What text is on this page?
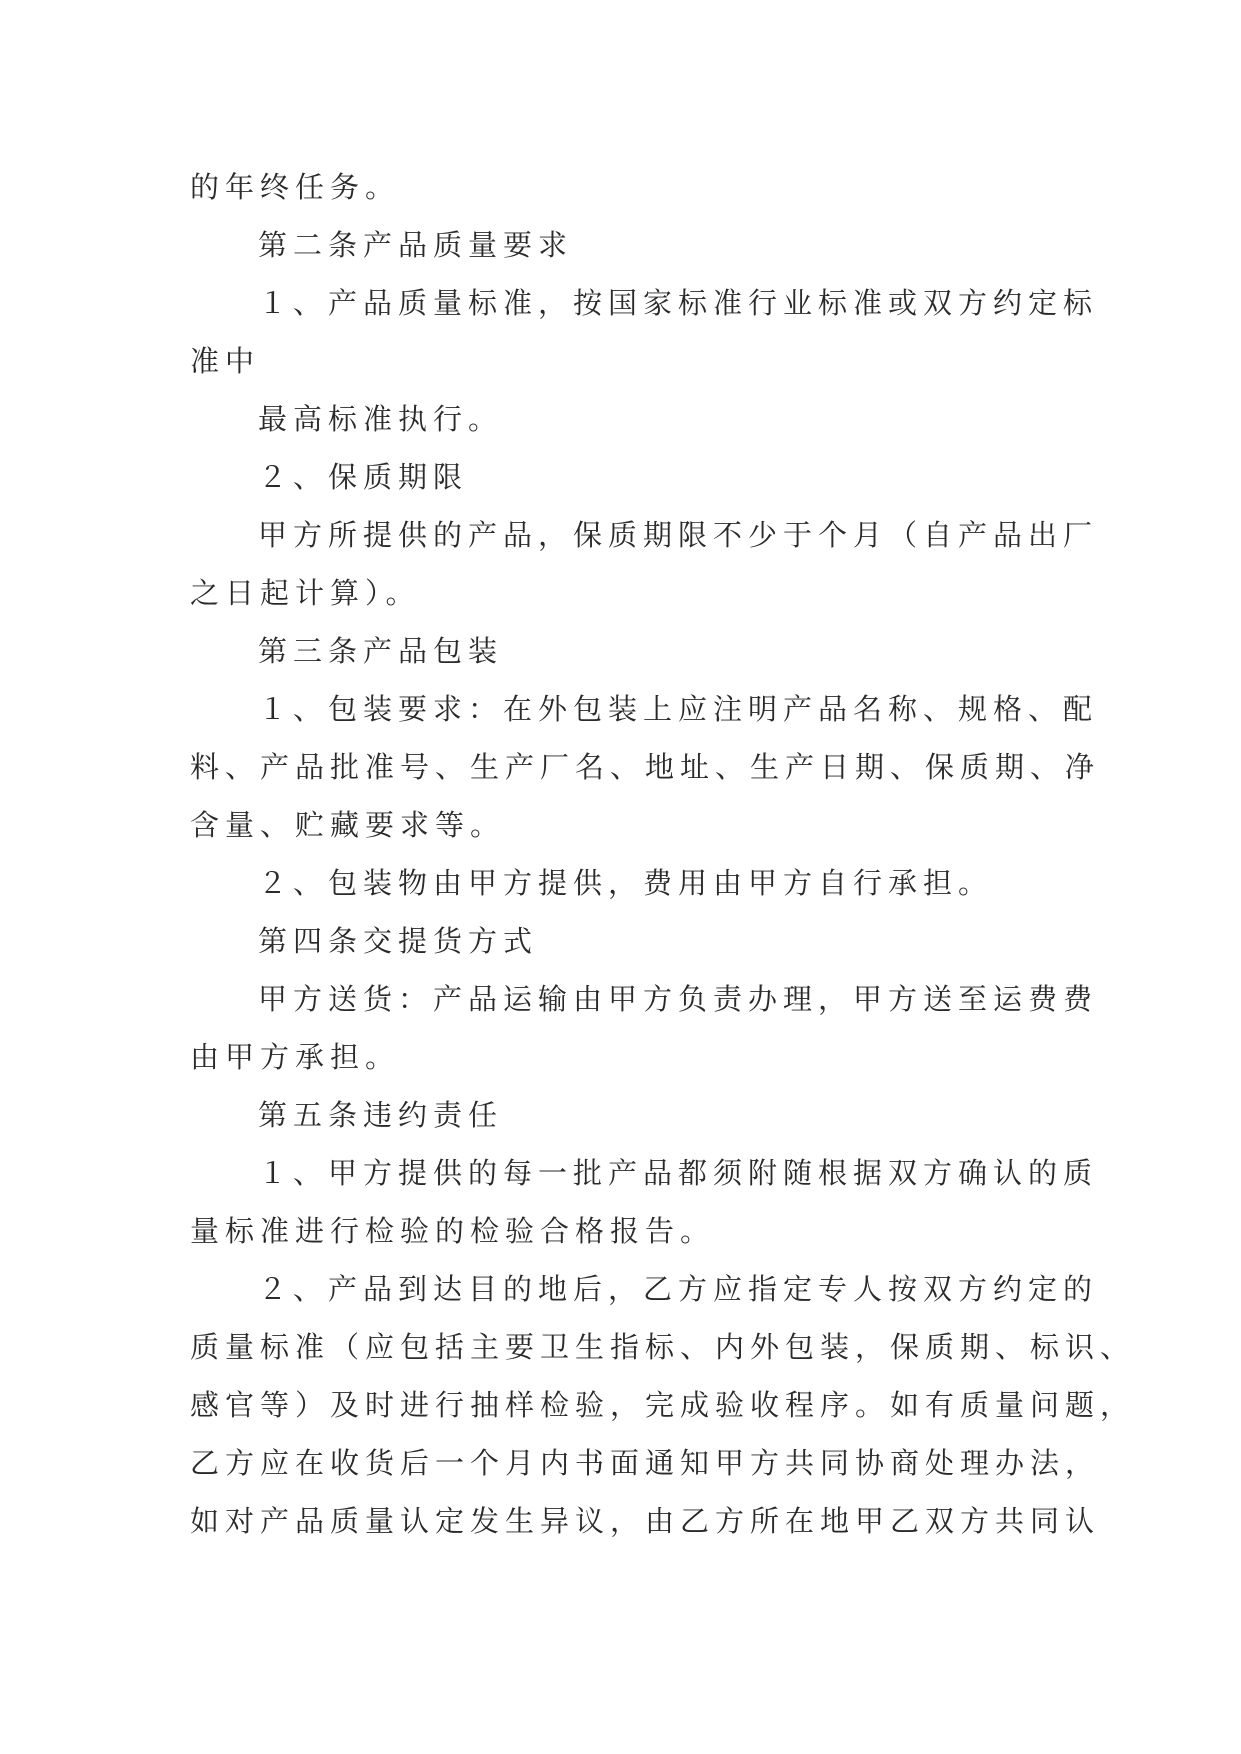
的年终任务。
第二条产品质量要求
１、产品质量标准，按国家标准行业标准或双方约定标
准中
最高标准执行。
２、保质期限
甲方所提供的产品，保质期限不少于个月（自产品出厂
之日起计算）。
第三条产品包装
１、包装要求：在外包装上应注明产品名称、规格、配
料、产品批准号、生产厂名、地址、生产日期、保质期、净
含量、贮藏要求等。
２、包装物由甲方提供，费用由甲方自行承担。
第四条交提货方式
甲方送货：产品运输由甲方负责办理，甲方送至运费费
由甲方承担。
第五条违约责任
１、甲方提供的每一批产品都须附随根据双方确认的质
量标准进行检验的检验合格报告。
２、产品到达目的地后，乙方应指定专人按双方约定的
质量标准（应包括主要卫生指标、内外包装，保质期、标识、
感官等）及时进行抽样检验，完成验收程序。如有质量问题，
乙方应在收货后一个月内书面通知甲方共同协商处理办法，
如对产品质量认定发生异议，由乙方所在地甲乙双方共同认
